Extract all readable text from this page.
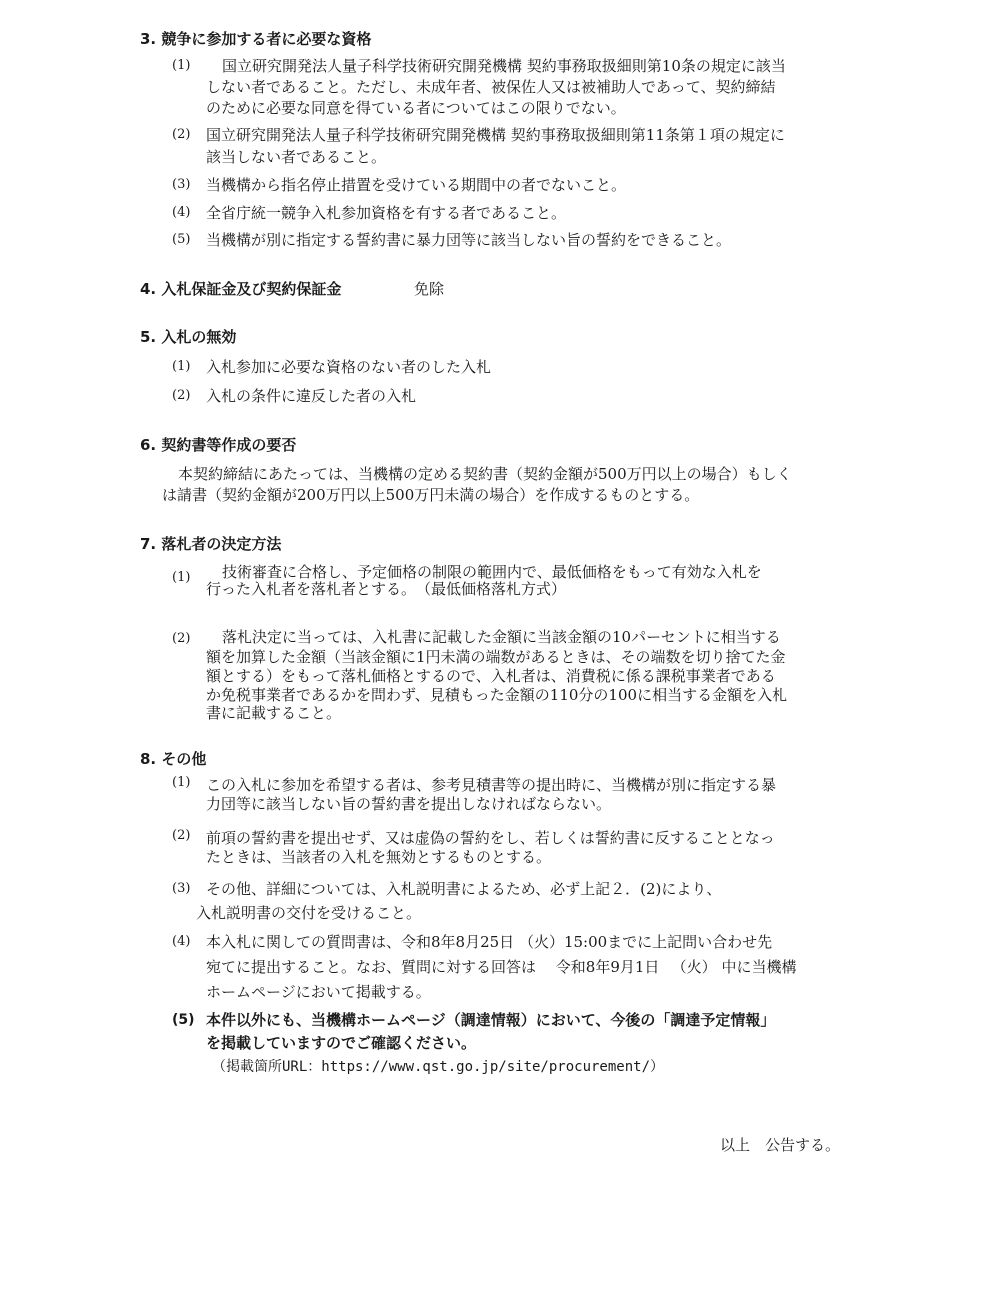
3. 競争に参加する者に必要な資格
(1) 国立研究開発法人量子科学技術研究開発機構 契約事務取扱細則第10条の規定に該当
しない者であること。ただし、未成年者、被保佐人又は被補助人であって、契約締結
のために必要な同意を得ている者についてはこの限りでない。
(2) 国立研究開発法人量子科学技術研究開発機構 契約事務取扱細則第11条第１項の規定に
該当しない者であること。
(3) 当機構から指名停止措置を受けている期間中の者でないこと。
(4) 全省庁統一競争入札参加資格を有する者であること。
(5) 当機構が別に指定する誓約書に暴力団等に該当しない旨の誓約をできること。
4. 入札保証金及び契約保証金	免除
5. 入札の無効
(1) 入札参加に必要な資格のない者のした入札
(2) 入札の条件に違反した者の入札
6. 契約書等作成の要否
本契約締結にあたっては、当機構の定める契約書（契約金額が500万円以上の場合）もしく
は請書（契約金額が200万円以上500万円未満の場合）を作成するものとする。
7. 落札者の決定方法
(1) 技術審査に合格し、予定価格の制限の範囲内で、最低価格をもって有効な入札を
行った入札者を落札者とする。　（最低価格落札方式）
(2) 落札決定に当っては、入札書に記載した金額に当該金額の10パーセントに相当する
額を加算した金額（当該金額に1円未満の端数があるときは、その端数を切り捨てた金
額とする）をもって落札価格とするので、入札者は、消費税に係る課税事業者である
か免税事業者であるかを問わず、見積もった金額の110分の100に相当する金額を入札
書に記載すること。
8. その他
(1) この入札に参加を希望する者は、参考見積書等の提出時に、当機構が別に指定する暴
力団等に該当しない旨の誓約書を提出しなければならない。
(2) 前項の誓約書を提出せず、又は虚偽の誓約をし、若しくは誓約書に反することとなっ
たときは、当該者の入札を無効とするものとする。
(3) その他、詳細については、入札説明書によるため、必ず上記２．(2)により、
入札説明書の交付を受けること。
(4) 本入札に関しての質問書は、令和8年8月25日 （火）15:00までに上記問い合わせ先
宛てに提出すること。なお、質問に対する回答は　 令和8年9月1日 　（火） 中に当機構
ホームページにおいて掲載する。
(5) 本件以外にも、当機構ホームページ（調達情報）において、今後の「調達予定情報」
を掲載していますのでご確認ください。
（掲載箇所URL：https://www.qst.go.jp/site/procurement/）
以上　公告する。
